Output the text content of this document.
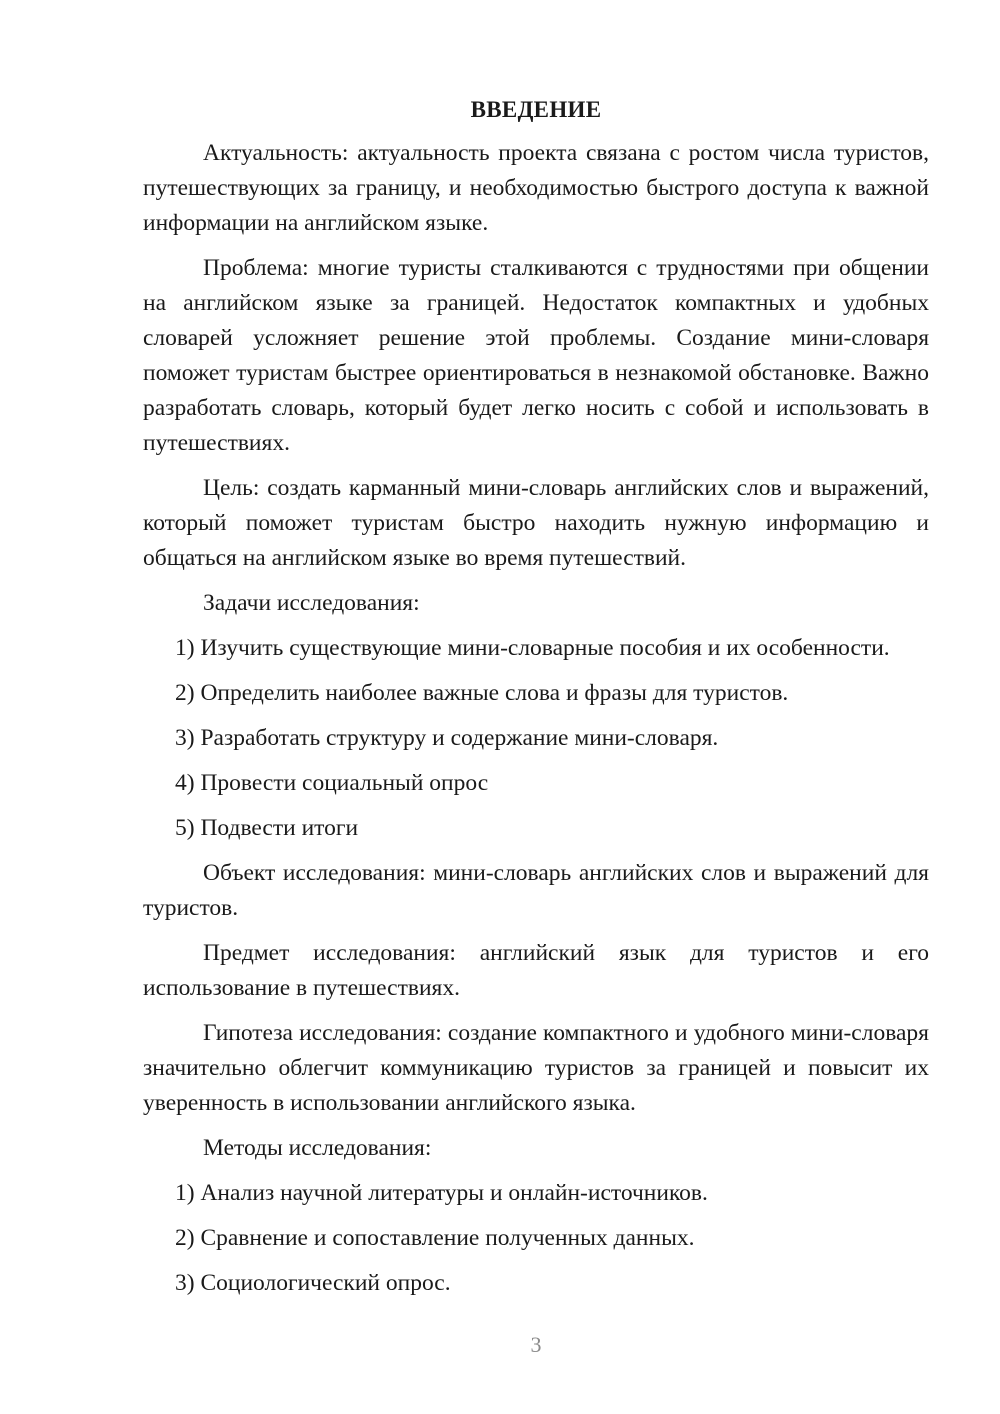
ВВЕДЕНИЕ

Актуальность: актуальность проекта связана с ростом числа туристов, путешествующих за границу, и необходимостью быстрого доступа к важной информации на английском языке.

Проблема: многие туристы сталкиваются с трудностями при общении на английском языке за границей. Недостаток компактных и удобных словарей усложняет решение этой проблемы. Создание мини-словаря поможет туристам быстрее ориентироваться в незнакомой обстановке. Важно разработать словарь, который будет легко носить с собой и использовать в путешествиях.

Цель: создать карманный мини-словарь английских слов и выражений, который поможет туристам быстро находить нужную информацию и общаться на английском языке во время путешествий.

Задачи исследования:

1) Изучить существующие мини-словарные пособия и их особенности.
2) Определить наиболее важные слова и фразы для туристов.
3) Разработать структуру и содержание мини-словаря.
4) Провести социальный опрос
5) Подвести итоги

Объект исследования: мини-словарь английских слов и выражений для туристов.

Предмет исследования: английский язык для туристов и его использование в путешествиях.

Гипотеза исследования: создание компактного и удобного мини-словаря значительно облегчит коммуникацию туристов за границей и повысит их уверенность в использовании английского языка.

Методы исследования:

1) Анализ научной литературы и онлайн-источников.
2) Сравнение и сопоставление полученных данных.
3) Социологический опрос.
3
